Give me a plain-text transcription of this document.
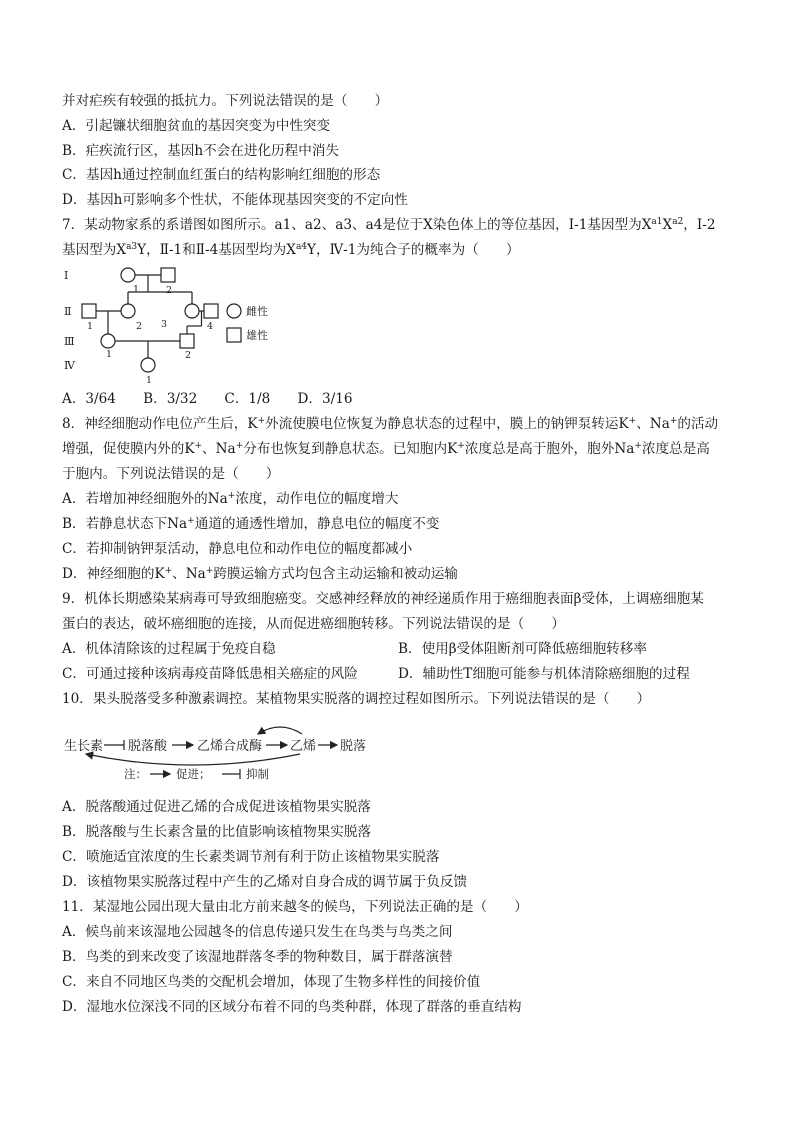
并对疟疾有较强的抵抗力。下列说法错误的是（　　）
A．引起镰状细胞贫血的基因突变为中性突变
B．疟疾流行区，基因h不会在进化历程中消失
C．基因h通过控制血红蛋白的结构影响红细胞的形态
D．基因h可影响多个性状，不能体现基因突变的不定向性
7．某动物家系的系谱图如图所示。a1、a2、a3、a4是位于X染色体上的等位基因，Ⅰ-1基因型为$X^{a1}X^{a2}$，Ⅰ-2
基因型为$X^{a3}Y$，Ⅱ-1和Ⅱ-4基因型均为$X^{a4}Y$，Ⅳ-1为纯合子的概率为（　　）
Ⅰ
Ⅱ
Ⅲ
Ⅳ
1	2
1	2 3	4
1	2
1
雌性
雄性
A．3/64　　B．3/32　　C．1/8　　D．3/16
8．神经细胞动作电位产生后，K+外流使膜电位恢复为静息状态的过程中，膜上的钠钾泵转运K+、Na+的活动
增强，促使膜内外的K+、Na+分布也恢复到静息状态。已知胞内K+浓度总是高于胞外，胞外Na+浓度总是高
于胞内。下列说法错误的是（　　）
A．若增加神经细胞外的Na+浓度，动作电位的幅度增大
B．若静息状态下Na+通道的通透性增加，静息电位的幅度不变
C．若抑制钠钾泵活动，静息电位和动作电位的幅度都减小
D．神经细胞的K+、Na+跨膜运输方式均包含主动运输和被动运输
9．机体长期感染某病毒可导致细胞癌变。交感神经释放的神经递质作用于癌细胞表面β受体，上调癌细胞某
蛋白的表达，破坏癌细胞的连接，从而促进癌细胞转移。下列说法错误的是（　　）
A．机体清除该的过程属于免疫自稳	B．使用β受体阻断剂可降低癌细胞转移率
C．可通过接种该病毒疫苗降低患相关癌症的风险	D．辅助性T细胞可能参与机体清除癌细胞的过程
10．果头脱落受多种激素调控。某植物果实脱落的调控过程如图所示。下列说法错误的是（　　）
生长素 脱落酸 乙烯合成酶 乙烯 脱落
注：	促进；	抑制
A．脱落酸通过促进乙烯的合成促进该植物果实脱落
B．脱落酸与生长素含量的比值影响该植物果实脱落
C．喷施适宜浓度的生长素类调节剂有利于防止该植物果实脱落
D．该植物果实脱落过程中产生的乙烯对自身合成的调节属于负反馈
11．某湿地公园出现大量由北方前来越冬的候鸟，下列说法正确的是（　　）
A．候鸟前来该湿地公园越冬的信息传递只发生在鸟类与鸟类之间
B．鸟类的到来改变了该湿地群落冬季的物种数目，属于群落演替
C．来自不同地区鸟类的交配机会增加，体现了生物多样性的间接价值
D．湿地水位深浅不同的区域分布着不同的鸟类种群，体现了群落的垂直结构
